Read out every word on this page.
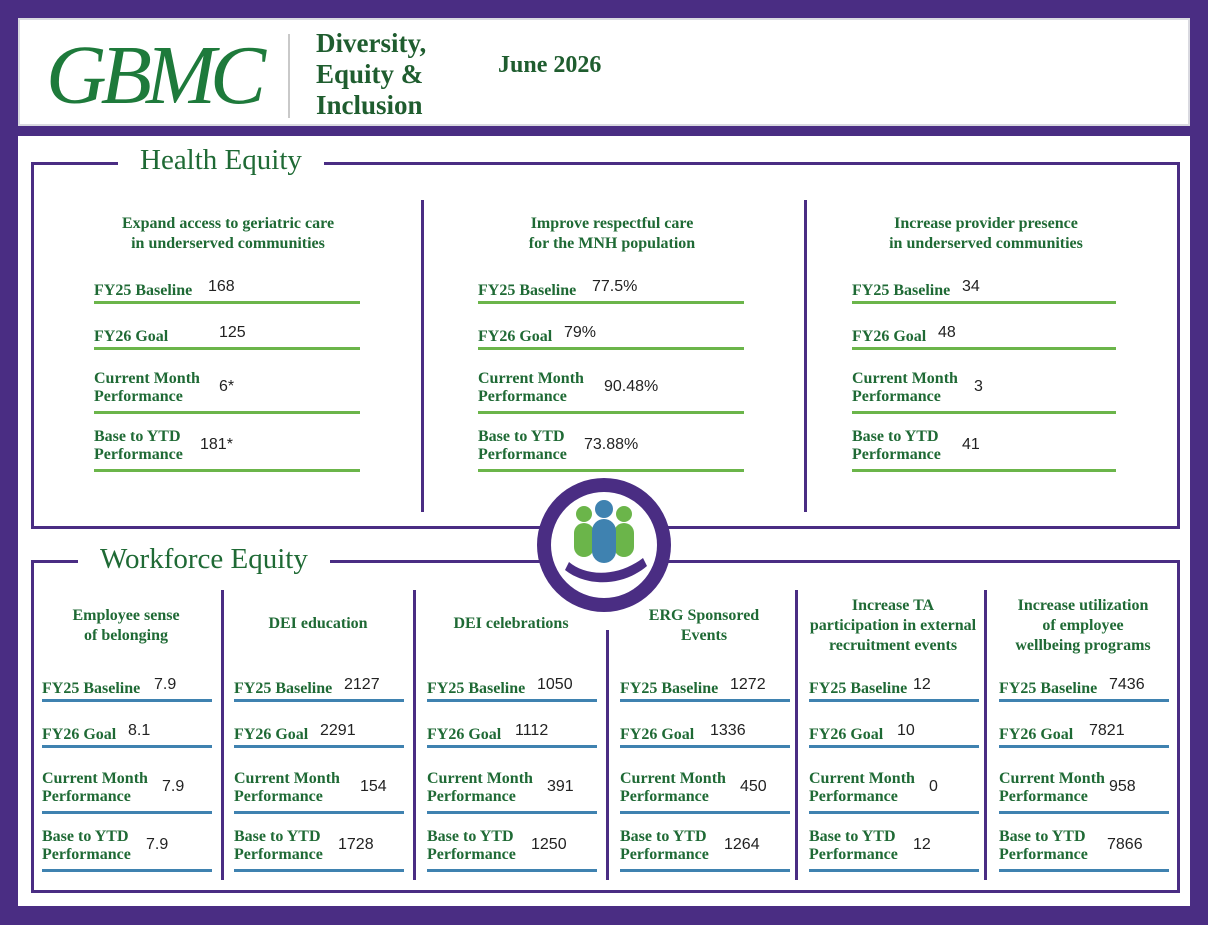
GBMC Diversity,
Equity &
Inclusion
June 2026
Health Equity
Workforce Equity
Expand access to geriatric care
in underserved communities
FY25 Baseline 168
FY26 Goal	125
Current Month
Performance
6*
Base to YTD
Performance
181*
Improve respectful care
for the MNH population
FY25 Baseline 77.5%
FY26 Goal 79%
Current Month
Performance
90.48%
Base to YTD
Performance
73.88%
Increase provider presence
in underserved communities
FY25 Baseline 34
FY26 Goal 48
Current Month
Performance
3
Base to YTD
Performance
41
Employee sense
of belonging
FY25 Baseline 7.9
FY26 Goal 8.1
Current Month
Performance
7.9
Base to YTD
Performance
7.9
DEI education
FY25 Baseline 2127
FY26 Goal 2291
Current Month
Performance
154
Base to YTD
Performance
1728
DEI celebrations
FY25 Baseline 1050
FY26 Goal 1112
Current Month
Performance
391
Base to YTD
Performance
1250
ERG Sponsored
Events
FY25 Baseline 1272
FY26 Goal 1336
Current Month
Performance
450
Base to YTD
Performance
1264
Increase TA
participation in external
recruitment events
FY25 Baseline 12
FY26 Goal 10
Current Month
Performance
0
Base to YTD
Performance
12
Increase utilization
of employee
wellbeing programs
FY25 Baseline 7436
FY26 Goal 7821
Current Month
Performance
958
Base to YTD
Performance
7866
